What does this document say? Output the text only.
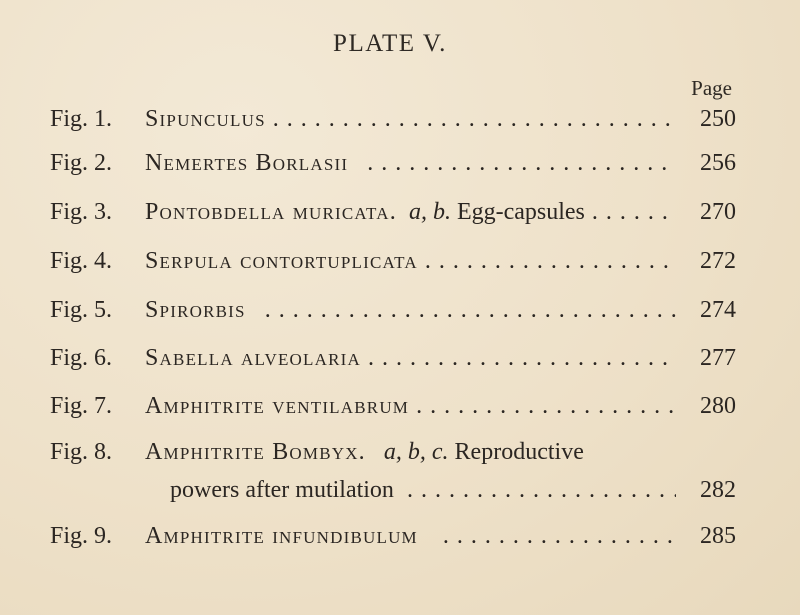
PLATE V.
Page
Fig. 1.	Sipunculus . . .	250
Fig. 2.	Nemertes Borlasii   . . .	256
Fig. 3.	Pontobdella muricata. a, b. Egg-capsules . . .	270
Fig. 4.	Serpula contortuplicata . . .	272
Fig. 5.	Spirorbis   . . .	274
Fig. 6.	Sabella alveolaria . . .	277
Fig. 7.	Amphitrite ventilabrum . . .	280
Fig. 8.	Amphitrite Bombyx. a, b, c. Reproductive
powers after mutilation  . . .	282
Fig. 9.	Amphitrite infundibulum    . . .	285
